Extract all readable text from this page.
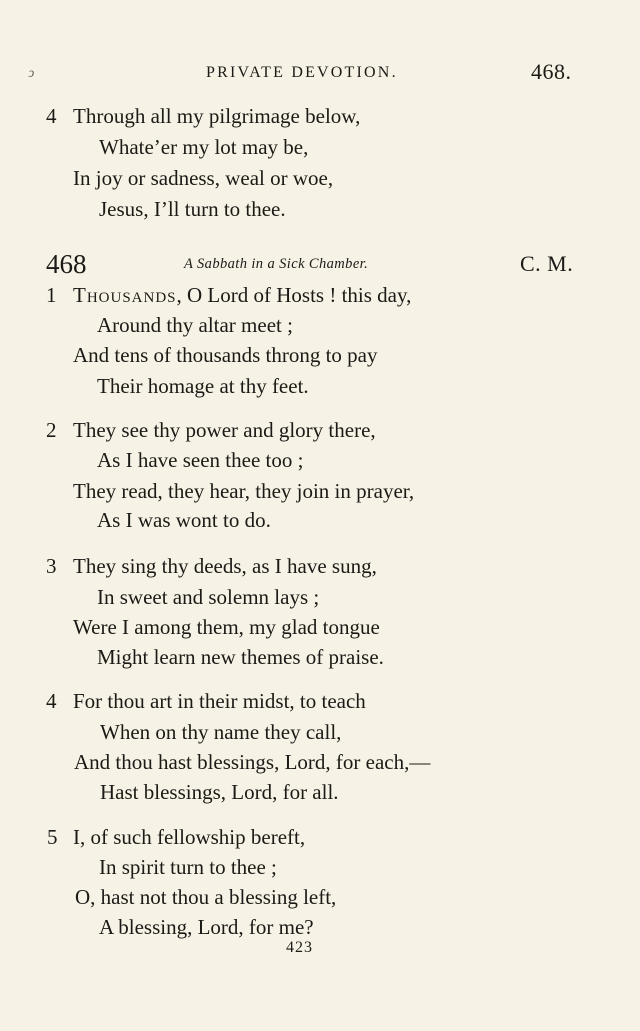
ↄ	PRIVATE DEVOTION.	468.
4 Through all my pilgrimage below,
Whate’er my lot may be,
In joy or sadness, weal or woe,
Jesus, I’ll turn to thee.
468	A Sabbath in a Sick Chamber.	C. M.
1 Thousands, O Lord of Hosts ! this day,
Around thy altar meet ;
And tens of thousands throng to pay
Their homage at thy feet.
2 They see thy power and glory there,
As I have seen thee too ;
They read, they hear, they join in prayer,
As I was wont to do.
3 They sing thy deeds, as I have sung,
In sweet and solemn lays ;
Were I among them, my glad tongue
Might learn new themes of praise.
4 For thou art in their midst, to teach
When on thy name they call,
And thou hast blessings, Lord, for each,—
Hast blessings, Lord, for all.
5 I, of such fellowship bereft,
In spirit turn to thee ;
O, hast not thou a blessing left,
A blessing, Lord, for me?
423
